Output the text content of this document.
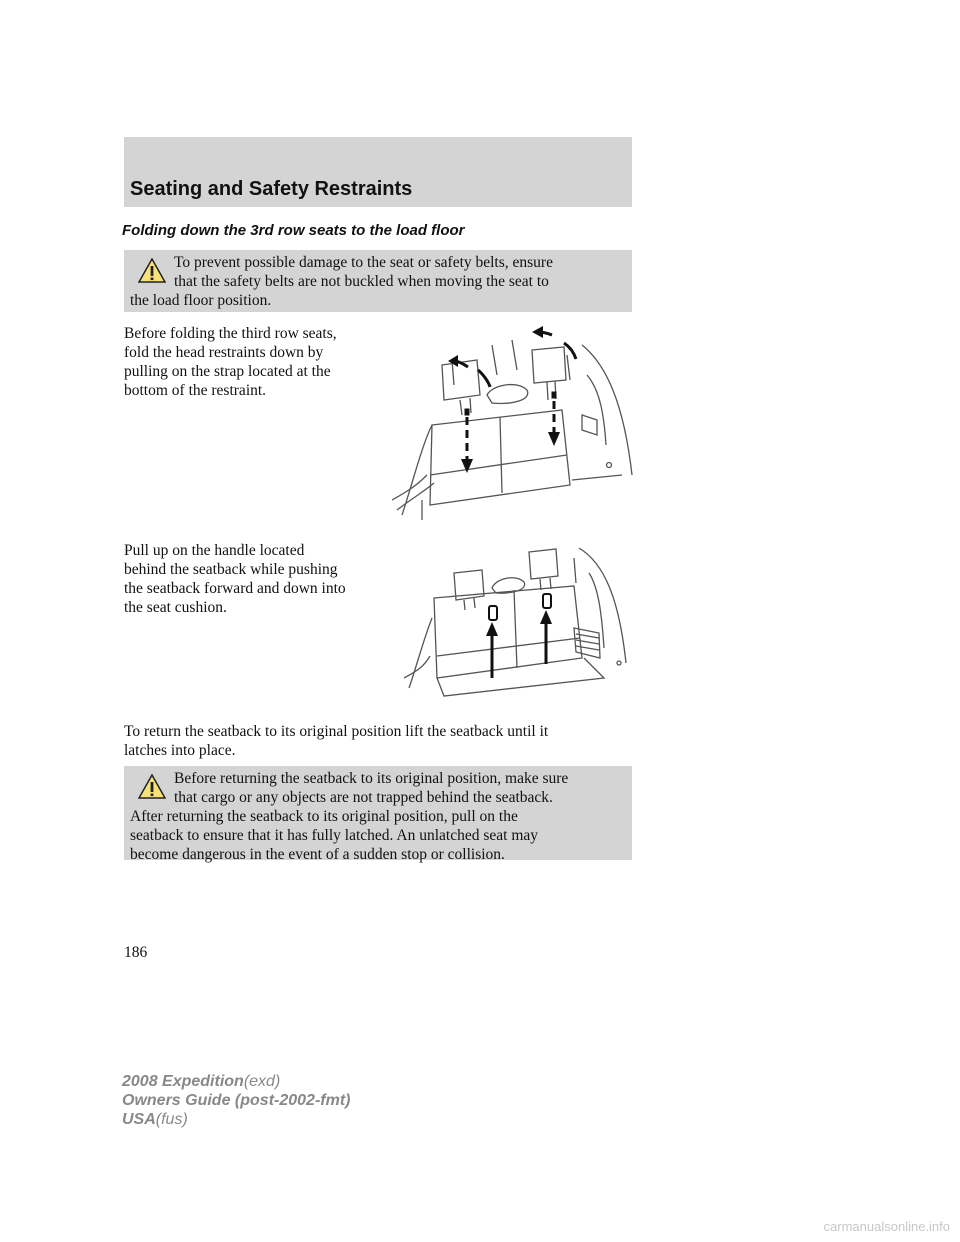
Seating and Safety Restraints
Folding down the 3rd row seats to the load floor
To prevent possible damage to the seat or safety belts, ensure
that the safety belts are not buckled when moving the seat to
the load floor position.
Before folding the third row seats,
fold the head restraints down by
pulling on the strap located at the
bottom of the restraint.
Pull up on the handle located
behind the seatback while pushing
the seatback forward and down into
the seat cushion.
To return the seatback to its original position lift the seatback until it
latches into place.
Before returning the seatback to its original position, make sure
that cargo or any objects are not trapped behind the seatback.
After returning the seatback to its original position, pull on the
seatback to ensure that it has fully latched. An unlatched seat may
become dangerous in the event of a sudden stop or collision.
186
2008 Expedition(exd)
Owners Guide (post-2002-fmt)
USA(fus)
carmanualsonline.info
